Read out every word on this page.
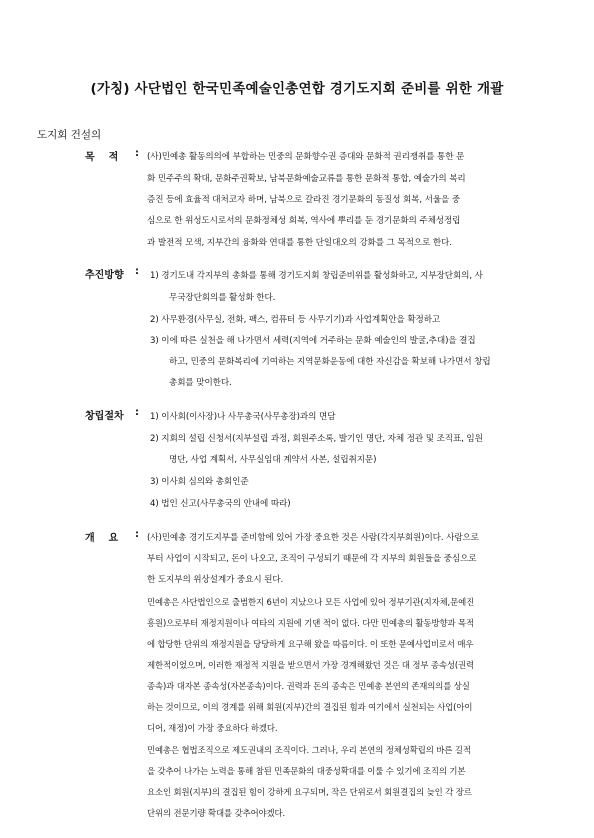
(가칭) 사단법인 한국민족예술인총연합 경기도지회 준비를 위한 개괄
도지회 건설의
목    적 : (사)민예총 활동의의에 부합하는 민중의 문화향수권 증대와 문화적 권리쟁취를 통한 문
화 민주주의 확대, 문화주권확보, 남북문화예술교류를 통한 문화적 통합, 예술가의 복리
증진 등에 효율적 대처코자 하며, 남북으로 갈라진 경기문화의 동질성 회복, 서울을 중
심으로 한 위성도시로서의 문화정체성 회복, 역사에 뿌리를 둔 경기문화의 주체성정립
과 발전적 모색, 지부간의 융화와 연대를 통한 단일대오의 강화를 그 목적으로 한다.
추진방향 : 1) 경기도내 각지부의 총화를 통해 경기도지회 창립준비위를 활성화하고, 지부장단회의, 사
무국장단회의를 활성화 한다.
2) 사무환경(사무실, 전화, 팩스, 컴퓨터 등 사무기기)과 사업계획안을 확정하고
3) 이에 따른 실천을 해 나가면서 세력(지역에 거주하는 문화 예술인의 발굴,추대)을 결집
하고, 민중의 문화복리에 기여하는 지역문화운동에 대한 자신감을 확보해 나가면서 창립
총회를 맞이한다.
창립절차 : 1) 이사회(이사장)나 사무총국(사무총장)과의 면담
2) 지회의 설립 신청서(지부설립 과정, 회원주소록, 발기인 명단, 자체 정관 및 조직표, 임원
명단, 사업 계획서, 사무실임대 계약서 사본, 설립취지문)
3) 이사회 심의와 총회인준
4) 법인 신고(사무총국의 안내에 따라)
개    요 : (사)민예총 경기도지부를 준비함에 있어 가장 중요한 것은 사람(각지부회원)이다. 사람으로
부터 사업이 시작되고, 돈이 나오고, 조직이 구성되기 때문에 각 지부의 회원들을 중심으로
한 도지부의 위상설계가 중요시 된다.
민예총은 사단법인으로 출범한지 6년이 지났으나 모든 사업에 있어 정부기관(지자체,문예진
흥원)으로부터 재정지원이나 여타의 지원에 기댄 적이 없다. 다만 민예총의 활동방향과 목적
에 합당한 단위의 재정지원을 당당하게 요구해 왔을 따름이다. 이 또한 문예사업비로서 매우
제한적이었으며, 이러한 재정적 지원을 받으면서 가장 경계해왔던 것은 대 정부 종속성(권력
종속)과 대자본 종속성(자본종속)이다. 권력과 돈의 종속은 민예총 본연의 존재의의를 상실
하는 것이므로, 이의 경계를 위해 회원(지부)간의 결집된 힘과 여기에서 실천되는 사업(아이
디어, 재정)이 가장 중요하다 하겠다.
민예총은 협법조직으로 제도권내의 조직이다. 그러나, 우리 본연의 정체성확립의 바른 길적
을 갖추어 나가는 노력을 통해 참된 민족문화의 대중성확대를 이룰 수 있기에 조직의 기본
요소인 회원(지부)의 결집된 힘이 강하게 요구되며, 작은 단위로서 회원결집의 늦인 각 장르
단위의 전문기량 확대를 갖추어야겠다.
